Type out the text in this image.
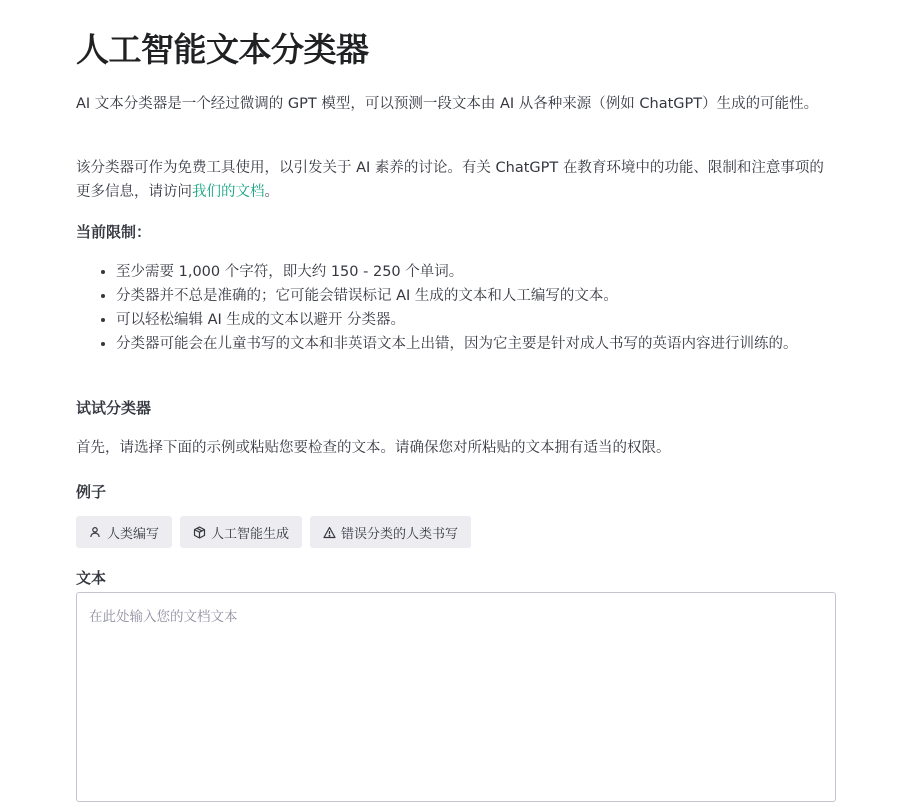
人工智能文本分类器

AI 文本分类器是一个经过微调的 GPT 模型，可以预测一段文本由 AI 从各种来源（例如 ChatGPT）生成的可能性。

该分类器可作为免费工具使用，以引发关于 AI 素养的讨论。有关 ChatGPT 在教育环境中的功能、限制和注意事项的更多信息，请访问我们的文档。

当前限制：
• 至少需要 1,000 个字符，即大约 150 - 250 个单词。
• 分类器并不总是准确的；它可能会错误标记 AI 生成的文本和人工编写的文本。
• 可以轻松编辑 AI 生成的文本以避开 分类器。
• 分类器可能会在儿童书写的文本和非英语文本上出错，因为它主要是针对成人书写的英语内容进行训练的。
试试分类器

首先，请选择下面的示例或粘贴您要检查的文本。请确保您对所粘贴的文本拥有适当的权限。

例子
人类编写	人工智能生成	错误分类的人类书写
文本
在此处输入您的文档文本
